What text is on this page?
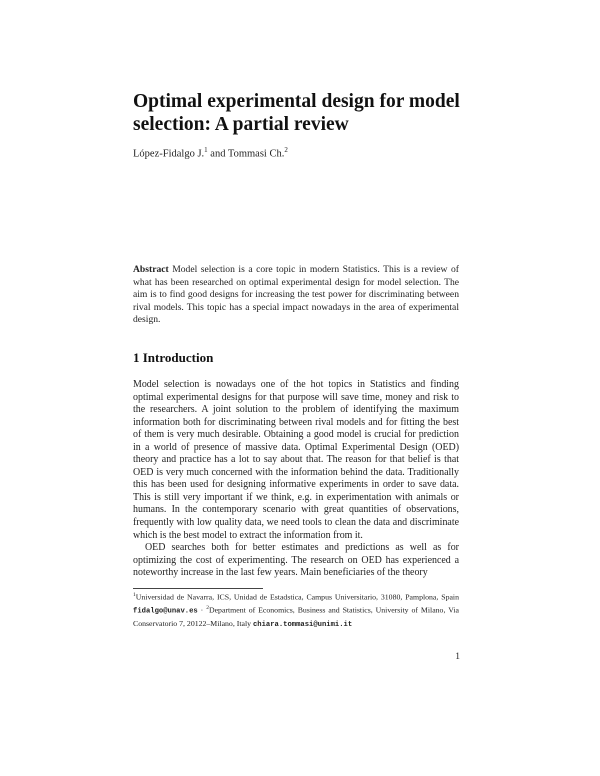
Optimal experimental design for model selection: A partial review
López-Fidalgo J.$^1$ and Tommasi Ch.$^2$

Abstract Model selection is a core topic in modern Statistics. This is a review of what has been researched on optimal experimental design for model selection. The aim is to find good designs for increasing the test power for discriminating between rival models. This topic has a special impact nowadays in the area of experimental design.

1 Introduction

Model selection is nowadays one of the hot topics in Statistics and finding optimal experimental designs for that purpose will save time, money and risk to the researchers. A joint solution to the problem of identifying the maximum information both for discriminating between rival models and for fitting the best of them is very much desirable. Obtaining a good model is crucial for prediction in a world of presence of massive data. Optimal Experimental Design (OED) theory and practice has a lot to say about that. The reason for that belief is that OED is very much concerned with the information behind the data. Traditionally this has been used for designing informative experiments in order to save data. This is still very important if we think, e.g. in experimentation with animals or humans. In the contemporary scenario with great quantities of observations, frequently with low quality data, we need tools to clean the data and discriminate which is the best model to extract the information from it.

OED searches both for better estimates and predictions as well as for optimizing the cost of experimenting. The research on OED has experienced a noteworthy increase in the last few years. Main beneficiaries of the theory

$^1$Universidad de Navarra, ICS, Unidad de Estadstica, Campus Universitario, 31080, Pamplona, Spain fidalgo@unav.es · $^2$Department of Economics, Business and Statistics, University of Milano, Via Conservatorio 7, 20122–Milano, Italy chiara.tommasi@unimi.it

1
